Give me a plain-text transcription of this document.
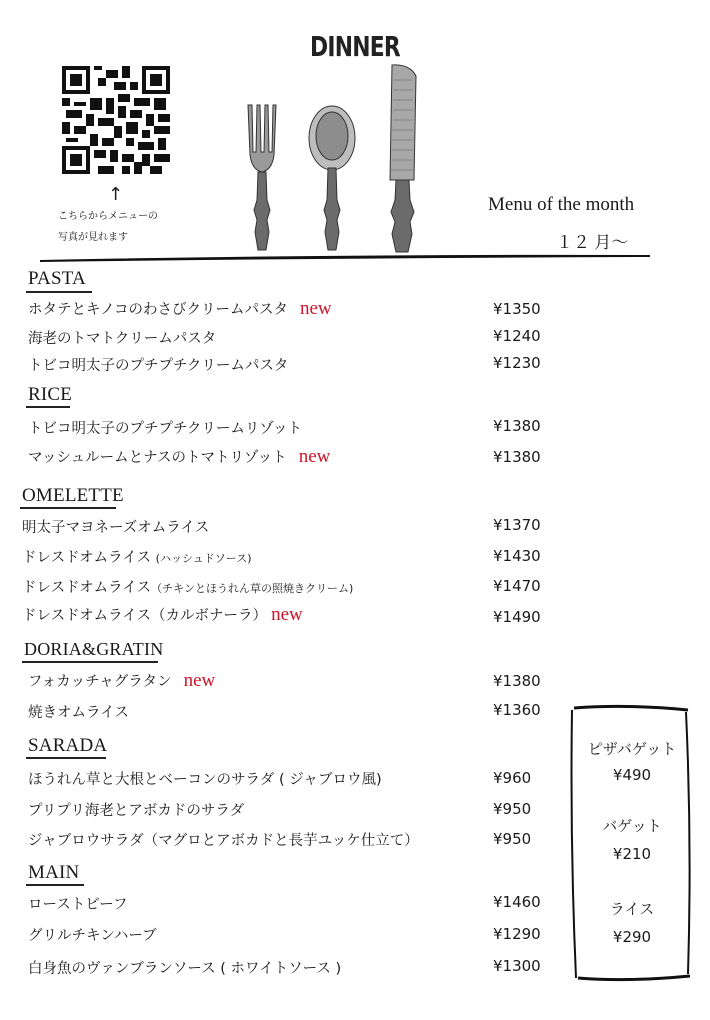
DINNER
↑
こちらからメニューの
写真が見れます
Menu of the month
１２ 月〜
PASTA
ホタテとキノコのわさびクリームパスタ new	¥1350
海老のトマトクリームパスタ	¥1240
トビコ明太子のプチプチクリームパスタ	¥1230
RICE
トビコ明太子のプチプチクリームリゾット	¥1380
マッシュルームとナスのトマトリゾット new	¥1380
OMELETTE
明太子マヨネーズオムライス	¥1370
ドレスドオムライス (ハッシュドソース)	¥1430
ドレスドオムライス（チキンとほうれん草の照焼きクリーム)	¥1470
ドレスドオムライス（カルボナーラ） new	¥1490
DORIA&GRATIN
フォカッチャグラタン new	¥1380
焼きオムライス	¥1360
SARADA
ほうれん草と大根とベーコンのサラダ ( ジャブロウ風)	¥960
プリプリ海老とアボカドのサラダ	¥950
ジャブロウサラダ（マグロとアボカドと長芋ユッケ仕立て）	¥950
MAIN
ローストビーフ	¥1460
グリルチキンハーブ	¥1290
白身魚のヴァンブランソース ( ホワイトソース )	¥1300
ピザバゲット
¥490
バゲット
¥210
ライス
¥290
